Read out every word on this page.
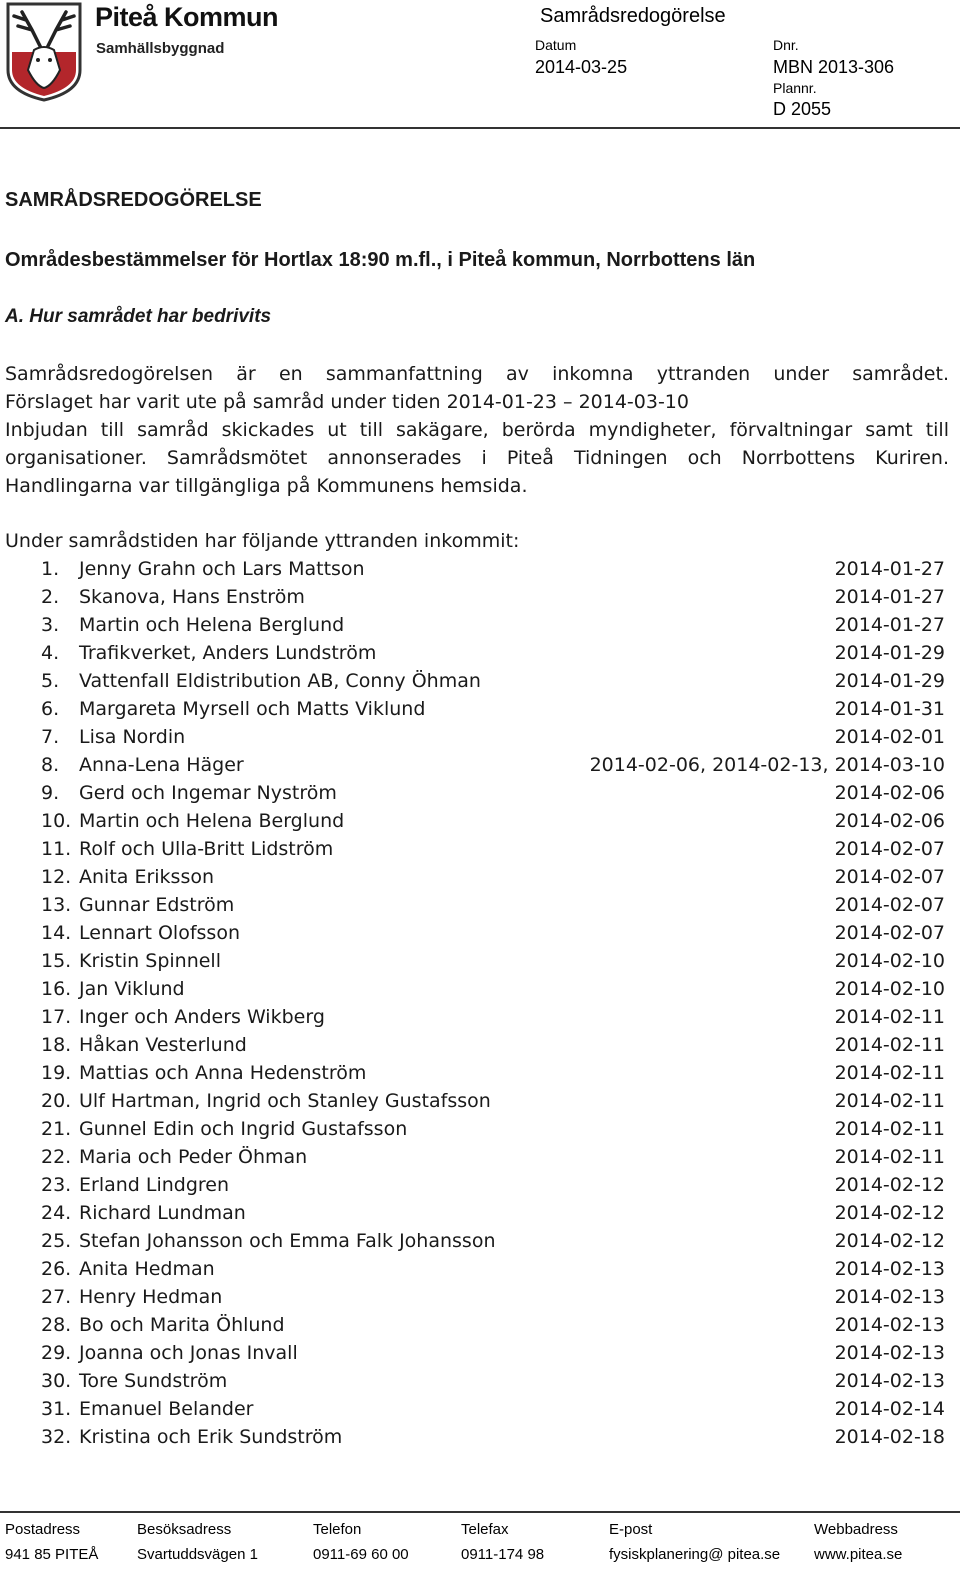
Piteå Kommun
Samhällsbyggnad
Samrådsredogörelse
Datum
2014-03-25
Dnr.
MBN 2013-306
Plannr.
D 2055
SAMRÅDSREDOGÖRELSE
Områdesbestämmelser för Hortlax 18:90 m.fl., i Piteå kommun, Norrbottens län
A. Hur samrådet har bedrivits

Samrådsredogörelsen är en sammanfattning av inkomna yttranden under samrådet.

Förslaget har varit ute på samråd under tiden 2014-01-23 – 2014-03-10

Inbjudan till samråd skickades ut till sakägare, berörda myndigheter, förvaltningar samt till

organisationer. Samrådsmötet annonserades i Piteå Tidningen och Norrbottens Kuriren.

Handlingarna var tillgängliga på Kommunens hemsida.

Under samrådstiden har följande yttranden inkommit:

1. Jenny Grahn och Lars Mattson	2014-01-27
2. Skanova, Hans Enström	2014-01-27
3. Martin och Helena Berglund	2014-01-27
4. Trafikverket, Anders Lundström	2014-01-29
5. Vattenfall Eldistribution AB, Conny Öhman	2014-01-29
6. Margareta Myrsell och Matts Viklund	2014-01-31
7. Lisa Nordin	2014-02-01
8. Anna-Lena Häger	2014-02-06, 2014-02-13, 2014-03-10
9. Gerd och Ingemar Nyström	2014-02-06
10. Martin och Helena Berglund	2014-02-06
11. Rolf och Ulla-Britt Lidström	2014-02-07
12. Anita Eriksson	2014-02-07
13. Gunnar Edström	2014-02-07
14. Lennart Olofsson	2014-02-07
15. Kristin Spinnell	2014-02-10
16. Jan Viklund	2014-02-10
17. Inger och Anders Wikberg	2014-02-11
18. Håkan Vesterlund	2014-02-11
19. Mattias och Anna Hedenström	2014-02-11
20. Ulf Hartman, Ingrid och Stanley Gustafsson	2014-02-11
21. Gunnel Edin och Ingrid Gustafsson	2014-02-11
22. Maria och Peder Öhman	2014-02-11
23. Erland Lindgren	2014-02-12
24. Richard Lundman	2014-02-12
25. Stefan Johansson och Emma Falk Johansson	2014-02-12
26. Anita Hedman	2014-02-13
27. Henry Hedman	2014-02-13
28. Bo och Marita Öhlund	2014-02-13
29. Joanna och Jonas Invall	2014-02-13
30. Tore Sundström	2014-02-13
31. Emanuel Belander	2014-02-14
32. Kristina och Erik Sundström	2014-02-18
Postadress
941 85 PITEÅ
Besöksadress
Svartuddsvägen 1
Telefon
0911-69 60 00
Telefax
0911-174 98
E-post
fysiskplanering@ pitea.se
Webbadress
www.pitea.se
